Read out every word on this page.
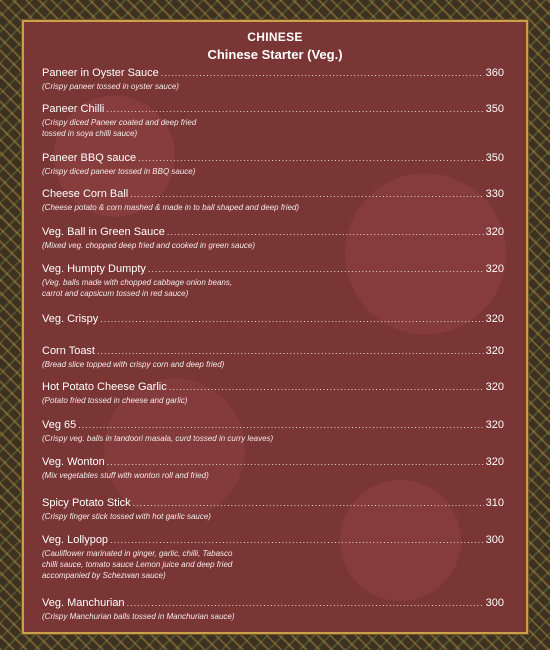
CHINESE
Chinese Starter (Veg.)
Paneer in Oyster Sauce .....	360
(Crispy paneer tossed in oyster sauce)
Paneer Chilli .....	350
(Crispy diced Paneer coated and deep fried
tossed in soya chilli sauce)
Paneer BBQ sauce .....	350
(Crispy diced paneer tossed in BBQ sauce)
Cheese Corn Ball .....	330
(Cheese potato & corn mashed & made in to ball shaped and deep fried)
Veg. Ball in Green Sauce .....	320
(Mixed veg. chopped deep fried and cooked in green sauce)
Veg. Humpty Dumpty .....	320
(Veg. balls made with chopped cabbage onion beans,
carrot and capsicum tossed in red sauce)
Veg. Crispy .....	320
Corn Toast .....	320
(Bread slice topped with crispy corn and deep fried)
Hot Potato Cheese Garlic .....	320
(Potato fried tossed in cheese and garlic)
Veg 65 .....	320
(Crispy veg. balls in tandoori masala, curd tossed in curry leaves)
Veg. Wonton .....	320
(Mix vegetables stuff with wonton roll and fried)
Spicy Potato Stick .....	310
(Crispy finger stick tossed with hot garlic sauce)
Veg. Lollypop .....	300
(Cauliflower marinated in ginger, garlic, chilli, Tabasco
chilli sauce, tomato sauce Lemon juice and deep fried
accompanied by Schezwan sauce)
Veg. Manchurian .....	300
(Crispy Manchurian balls tossed in Manchurian sauce)
